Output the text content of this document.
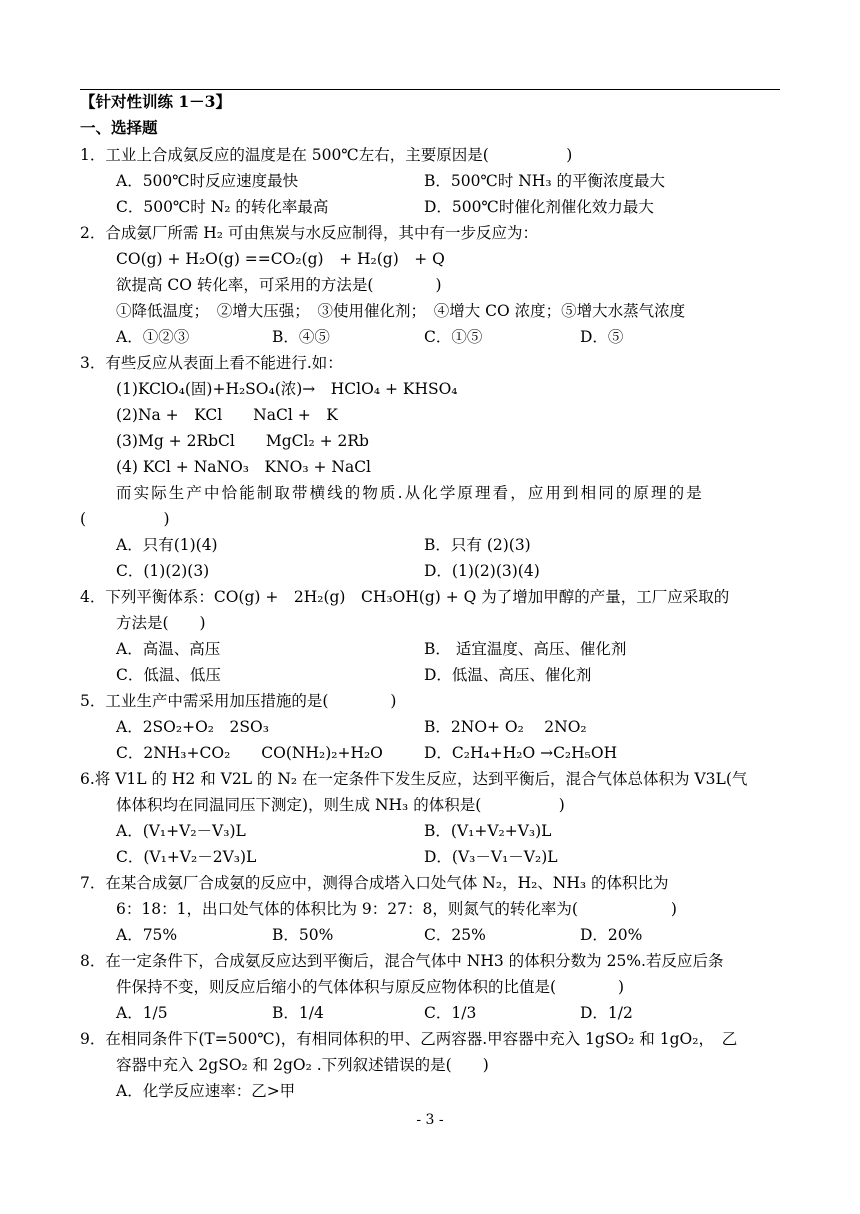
【针对性训练 1－3】
一、选择题
1．工业上合成氨反应的温度是在 500℃左右，主要原因是(　　　　　)
A．500℃时反应速度最快	B．500℃时 NH₃ 的平衡浓度最大
C．500℃时 N₂ 的转化率最高	D．500℃时催化剂催化效力最大
2．合成氨厂所需 H₂ 可由焦炭与水反应制得，其中有一步反应为：
CO(g) + H₂O(g) ==CO₂(g)　+ H₂(g)　+ Q
欲提高 CO 转化率，可采用的方法是(　　　　)
①降低温度；　②增大压强；　③使用催化剂；　④增大 CO 浓度；⑤增大水蒸气浓度
A．①②③	B．④⑤	C．①⑤	D．⑤
3．有些反应从表面上看不能进行.如：
(1)KClO₄(固)+H₂SO₄(浓)→　HClO₄ + KHSO₄
(2)Na +　KCl　　NaCl +　K
(3)Mg + 2RbCl　　MgCl₂ + 2Rb
(4) KCl + NaNO₃　KNO₃ + NaCl
而实际生产中恰能制取带横线的物质.从化学原理看，应用到相同的原理的是
(　　　　　)
A．只有(1)(4)	B．只有 (2)(3)
C．(1)(2)(3)	D．(1)(2)(3)(4)
4．下列平衡体系：CO(g) +　2H₂(g)　CH₃OH(g) + Q 为了增加甲醇的产量，工厂应采取的
方法是(　　)
A．高温、高压	B． 适宜温度、高压、催化剂
C．低温、低压	D．低温、高压、催化剂
5．工业生产中需采用加压措施的是(　　　　)
A．2SO₂+O₂　2SO₃	B．2NO+ O₂　 2NO₂
C．2NH₃+CO₂　　CO(NH₂)₂+H₂O	D．C₂H₄+H₂O →C₂H₅OH
6.将 V1L 的 H2 和 V2L 的 N₂ 在一定条件下发生反应，达到平衡后，混合气体总体积为 V3L(气
体体积均在同温同压下测定)，则生成 NH₃ 的体积是(　　　　　)
A．(V₁+V₂－V₃)L	B．(V₁+V₂+V₃)L
C．(V₁+V₂－2V₃)L	D．(V₃－V₁－V₂)L
7．在某合成氨厂合成氨的反应中，测得合成塔入口处气体 N₂，H₂、NH₃ 的体积比为
6：18：1，出口处气体的体积比为 9：27：8，则氮气的转化率为(　　　　　　)
A．75%	B．50%	C．25%	D．20%
8．在一定条件下，合成氨反应达到平衡后，混合气体中 NH3 的体积分数为 25%.若反应后条
件保持不变，则反应后缩小的气体体积与原反应物体积的比值是(　　　　)
A．1/5	B．1/4	C．1/3	D．1/2
9．在相同条件下(T=500℃)，有相同体积的甲、乙两容器.甲容器中充入 1gSO₂ 和 1gO₂，　乙
容器中充入 2gSO₂ 和 2gO₂ .下列叙述错误的是(　　)
A．化学反应速率：乙>甲
- 3 -
